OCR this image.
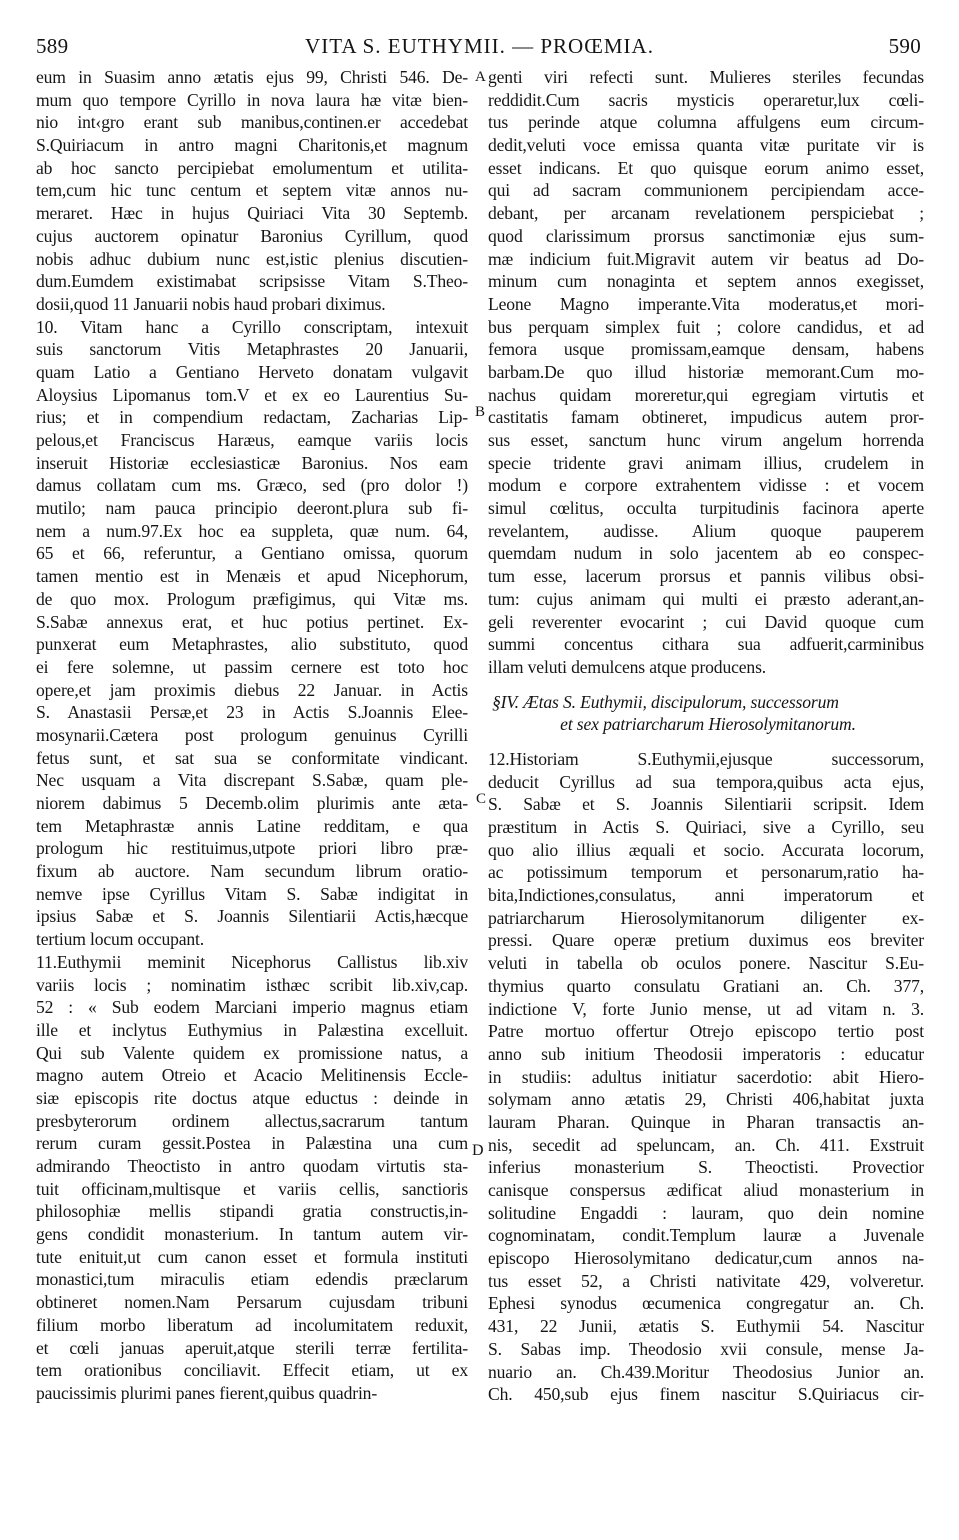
589	VITA S. EUTHYMII. — PROŒMIA.	590
eum in Suasim anno ætatis ejus 99, Christi 546. De-
mum quo tempore Cyrillo in nova laura hæ vitæ bien-
nio int‹gro erant sub manibus,continen.er accedebat
S.Quiriacum in antro magni Charitonis,et magnum
ab hoc sancto percipiebat emolumentum et utilita-
tem,cum hic tunc centum et septem vitæ annos nu-
meraret. Hæc in hujus Quiriaci Vita 30 Septemb.
cujus auctorem opinatur Baronius Cyrillum, quod
nobis adhuc dubium nunc est,istic plenius discutien-
dum.Eumdem existimabat scripsisse Vitam S.Theo-
dosii,quod 11 Januarii nobis haud probari diximus.
10. Vitam hanc a Cyrillo conscriptam, intexuit
suis sanctorum Vitis Metaphrastes 20 Januarii,
quam Latio a Gentiano Herveto donatam vulgavit
Aloysius Lipomanus tom.V et ex eo Laurentius Su-
rius; et in compendium redactam, Zacharias Lip-
pelous,et Franciscus Haræus, eamque variis locis
inseruit Historiæ ecclesiasticæ Baronius. Nos eam
damus collatam cum ms. Græco, sed (pro dolor !)
mutilo; nam pauca principio deeront.plura sub fi-
nem a num.97.Ex hoc ea suppleta, quæ num. 64,
65 et 66, referuntur, a Gentiano omissa, quorum
tamen mentio est in Menæis et apud Nicephorum,
de quo mox. Prologum præfigimus, qui Vitæ ms.
S.Sabæ annexus erat, et huc potius pertinet. Ex-
punxerat eum Metaphrastes, alio substituto, quod
ei fere solemne, ut passim cernere est toto hoc
opere,et jam proximis diebus 22 Januar. in Actis
S. Anastasii Persæ,et 23 in Actis S.Joannis Elee-
mosynarii.Cætera post prologum genuinus Cyrilli
fetus sunt, et sat sua se conformitate vindicant.
Nec usquam a Vita discrepant S.Sabæ, quam ple-
niorem dabimus 5 Decemb.olim plurimis ante æta-
tem Metaphrastæ annis Latine redditam, e qua
prologum hic restituimus,utpote priori libro præ-
fixum ab auctore. Nam secundum librum oratio-
nemve ipse Cyrillus Vitam S. Sabæ indigitat in
ipsius Sabæ et S. Joannis Silentiarii Actis,hæcque
tertium locum occupant.
11.Euthymii meminit Nicephorus Callistus lib.xiv
variis locis ; nominatim isthæc scribit lib.xiv,cap.
52 : « Sub eodem Marciani imperio magnus etiam
ille et inclytus Euthymius in Palæstina excelluit.
Qui sub Valente quidem ex promissione natus, a
magno autem Otreio et Acacio Melitinensis Eccle-
siæ episcopis rite doctus atque eductus : deinde in
presbyterorum ordinem allectus,sacrarum tantum
rerum curam gessit.Postea in Palæstina una cum
admirando Theoctisto in antro quodam virtutis sta-
tuit officinam,multisque et variis cellis, sanctioris
philosophiæ mellis stipandi gratia constructis,in-
gens condidit monasterium. In tantum autem vir-
tute enituit,ut cum canon esset et formula instituti
monastici,tum miraculis etiam edendis præclarum
obtineret nomen.Nam Persarum cujusdam tribuni
filium morbo liberatum ad incolumitatem reduxit,
et cœli januas aperuit,atque sterili terræ fertilita-
tem orationibus conciliavit. Effecit etiam, ut ex
paucissimis plurimi panes fierent,quibus quadrin-
genti viri refecti sunt. Mulieres steriles fecundas
reddidit.Cum sacris mysticis operaretur,lux cœli-
tus perinde atque columna affulgens eum circum-
dedit,veluti voce emissa quanta vitæ puritate vir is
esset indicans. Et quo quisque eorum animo esset,
qui ad sacram communionem percipiendam acce-
debant, per arcanam revelationem perspiciebat ;
quod clarissimum prorsus sanctimoniæ ejus sum-
mæ indicium fuit.Migravit autem vir beatus ad Do-
minum cum nonaginta et septem annos exegisset,
Leone Magno imperante.Vita moderatus,et mori-
bus perquam simplex fuit ; colore candidus, et ad
femora usque promissam,eamque densam, habens
barbam.De quo illud historiæ memorant.Cum mo-
nachus quidam moreretur,qui egregiam virtutis et
castitatis famam obtineret, impudicus autem pror-
sus esset, sanctum hunc virum angelum horrenda
specie tridente gravi animam illius, crudelem in
modum e corpore extrahentem vidisse : et vocem
simul cœlitus, occulta turpitudinis facinora aperte
revelantem, audisse. Alium quoque pauperem
quemdam nudum in solo jacentem ab eo conspec-
tum esse, lacerum prorsus et pannis vilibus obsi-
tum: cujus animam qui multi ei præsto aderant,an-
geli reverenter evocarint ; cui David quoque cum
summi concentus cithara sua adfuerit,carminibus
illam veluti demulcens atque producens.
§IV. Ætas S. Euthymii, discipulorum, successorum
et sex patriarcharum Hierosolymitanorum.
12.Historiam S.Euthymii,ejusque successorum,
deducit Cyrillus ad sua tempora,quibus acta ejus,
S. Sabæ et S. Joannis Silentiarii scripsit. Idem
præstitum in Actis S. Quiriaci, sive a Cyrillo, seu
quo alio illius æquali et socio. Accurata locorum,
ac potissimum temporum et personarum,ratio ha-
bita,Indictiones,consulatus, anni imperatorum et
patriarcharum Hierosolymitanorum diligenter ex-
pressi. Quare operæ pretium duximus eos breviter
veluti in tabella ob oculos ponere. Nascitur S.Eu-
thymius quarto consulatu Gratiani an. Ch. 377,
indictione V, forte Junio mense, ut ad vitam n. 3.
Patre mortuo offertur Otrejo episcopo tertio post
anno sub initium Theodosii imperatoris : educatur
in studiis: adultus initiatur sacerdotio: abit Hiero-
solymam anno ætatis 29, Christi 406,habitat juxta
lauram Pharan. Quinque in Pharan transactis an-
nis, secedit ad speluncam, an. Ch. 411. Exstruit
inferius monasterium S. Theoctisti. Provectior
canisque conspersus ædificat aliud monasterium in
solitudine Engaddi : lauram, quo dein nomine
cognominatam, condit.Templum lauræ a Juvenale
episcopo Hierosolymitano dedicatur,cum annos na-
tus esset 52, a Christi nativitate 429, volveretur.
Ephesi synodus œcumenica congregatur an. Ch.
431, 22 Junii, ætatis S. Euthymii 54. Nascitur
S. Sabas imp. Theodosio xvii consule, mense Ja-
nuario an. Ch.439.Moritur Theodosius Junior an.
Ch. 450,sub ejus finem nascitur S.Quiriacus cir-
A
B
C
D
